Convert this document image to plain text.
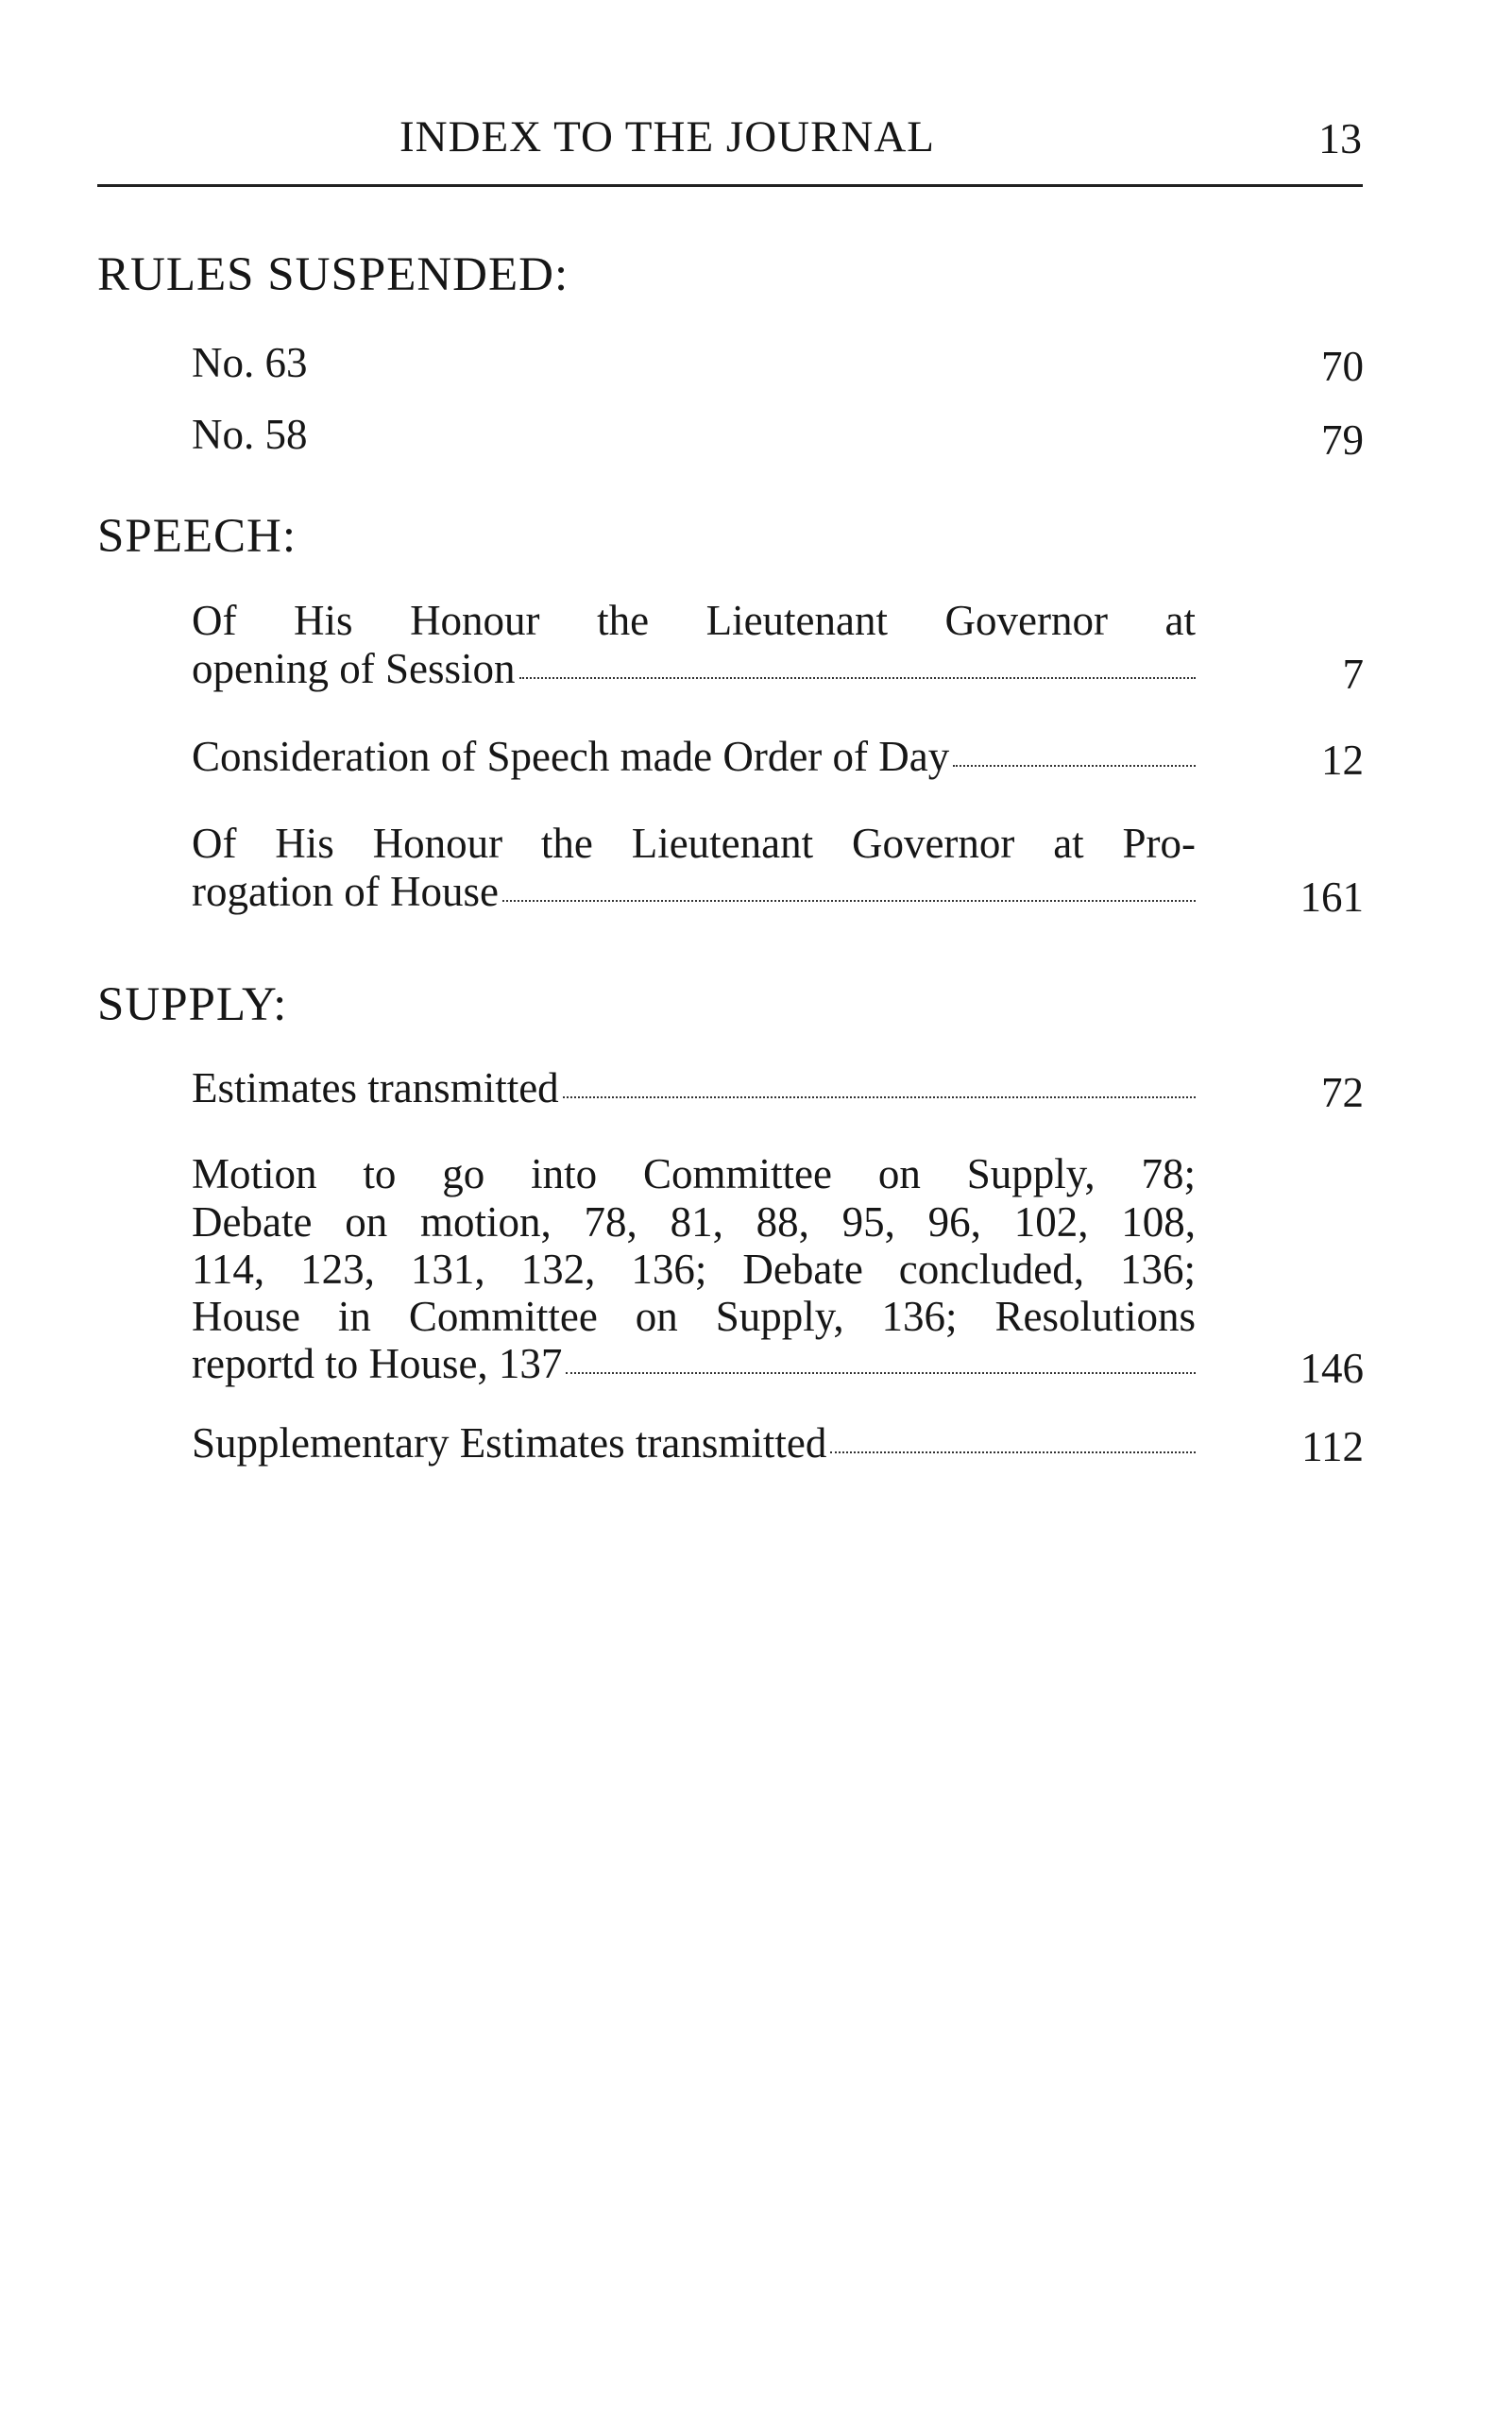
INDEX TO THE JOURNAL	13
RULES SUSPENDED:
No. 63	70
No. 58	79
SPEECH:
Of His Honour the Lieutenant Governor at
opening of Session	7
Consideration of Speech made Order of Day	12
Of His Honour the Lieutenant Governor at Pro-
rogation of House	161
SUPPLY:
Estimates transmitted	72
Motion to go into Committee on Supply, 78;
Debate on motion, 78, 81, 88, 95, 96, 102, 108,
114, 123, 131, 132, 136; Debate concluded, 136;
House in Committee on Supply, 136; Resolutions
reportd to House, 137	146
Supplementary Estimates transmitted	112
